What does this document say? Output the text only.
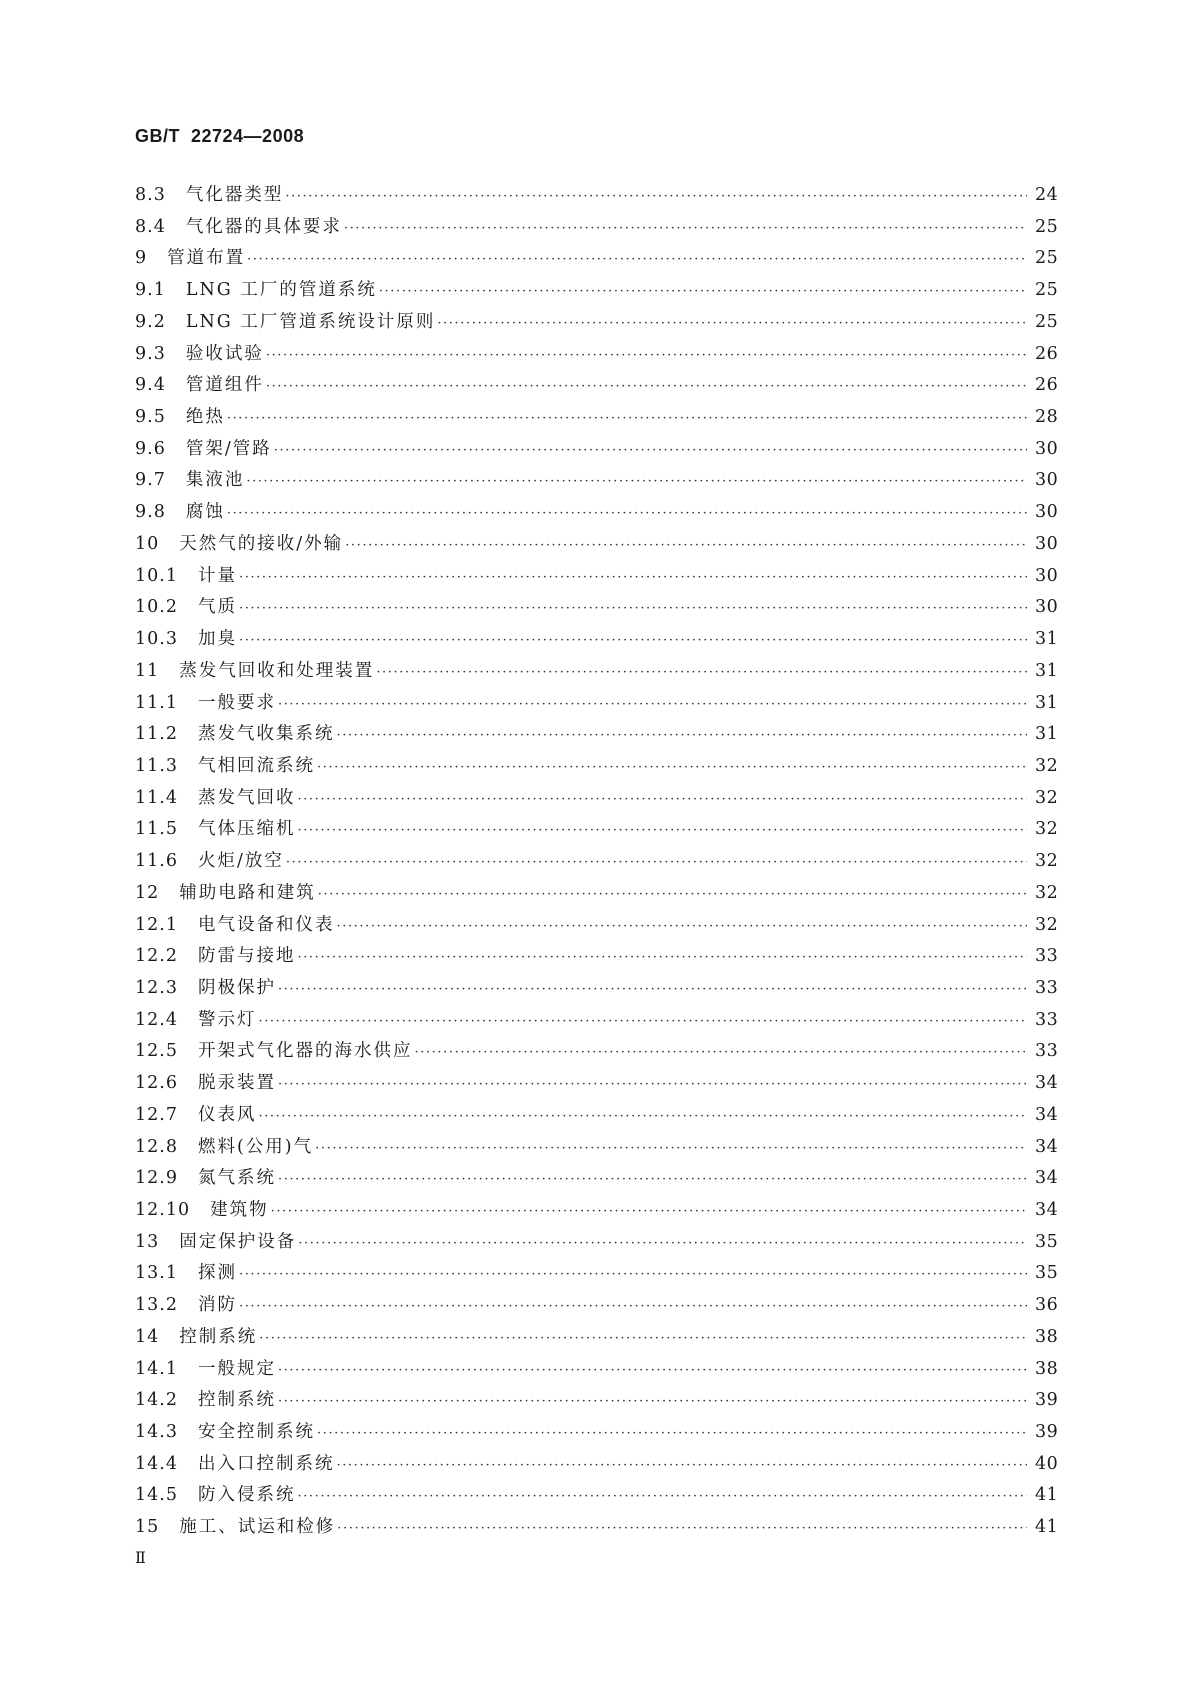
GB/T  22724—2008
8.3 气化器类型 ·····	24
8.4 气化器的具体要求 ·····	25
9 管道布置 ·····	25
9.1 LNG 工厂的管道系统 ·····	25
9.2 LNG 工厂管道系统设计原则 ·····	25
9.3 验收试验 ·····	26
9.4 管道组件 ·····	26
9.5 绝热 ·····	28
9.6 管架/管路 ·····	30
9.7 集液池 ·····	30
9.8 腐蚀 ·····	30
10 天然气的接收/外输 ·····	30
10.1 计量 ·····	30
10.2 气质 ·····	30
10.3 加臭 ·····	31
11 蒸发气回收和处理装置 ·····	31
11.1 一般要求 ·····	31
11.2 蒸发气收集系统 ·····	31
11.3 气相回流系统 ·····	32
11.4 蒸发气回收 ·····	32
11.5 气体压缩机 ·····	32
11.6 火炬/放空 ·····	32
12 辅助电路和建筑 ·····	32
12.1 电气设备和仪表 ·····	32
12.2 防雷与接地 ·····	33
12.3 阴极保护 ·····	33
12.4 警示灯 ·····	33
12.5 开架式气化器的海水供应 ·····	33
12.6 脱汞装置 ·····	34
12.7 仪表风 ·····	34
12.8 燃料(公用)气 ·····	34
12.9 氮气系统 ·····	34
12.10 建筑物 ·····	34
13 固定保护设备 ·····	35
13.1 探测 ·····	35
13.2 消防 ·····	36
14 控制系统 ·····	38
14.1 一般规定 ·····	38
14.2 控制系统 ·····	39
14.3 安全控制系统 ·····	39
14.4 出入口控制系统 ·····	40
14.5 防入侵系统 ·····	41
15 施工、试运和检修 ·····	41
Ⅱ
